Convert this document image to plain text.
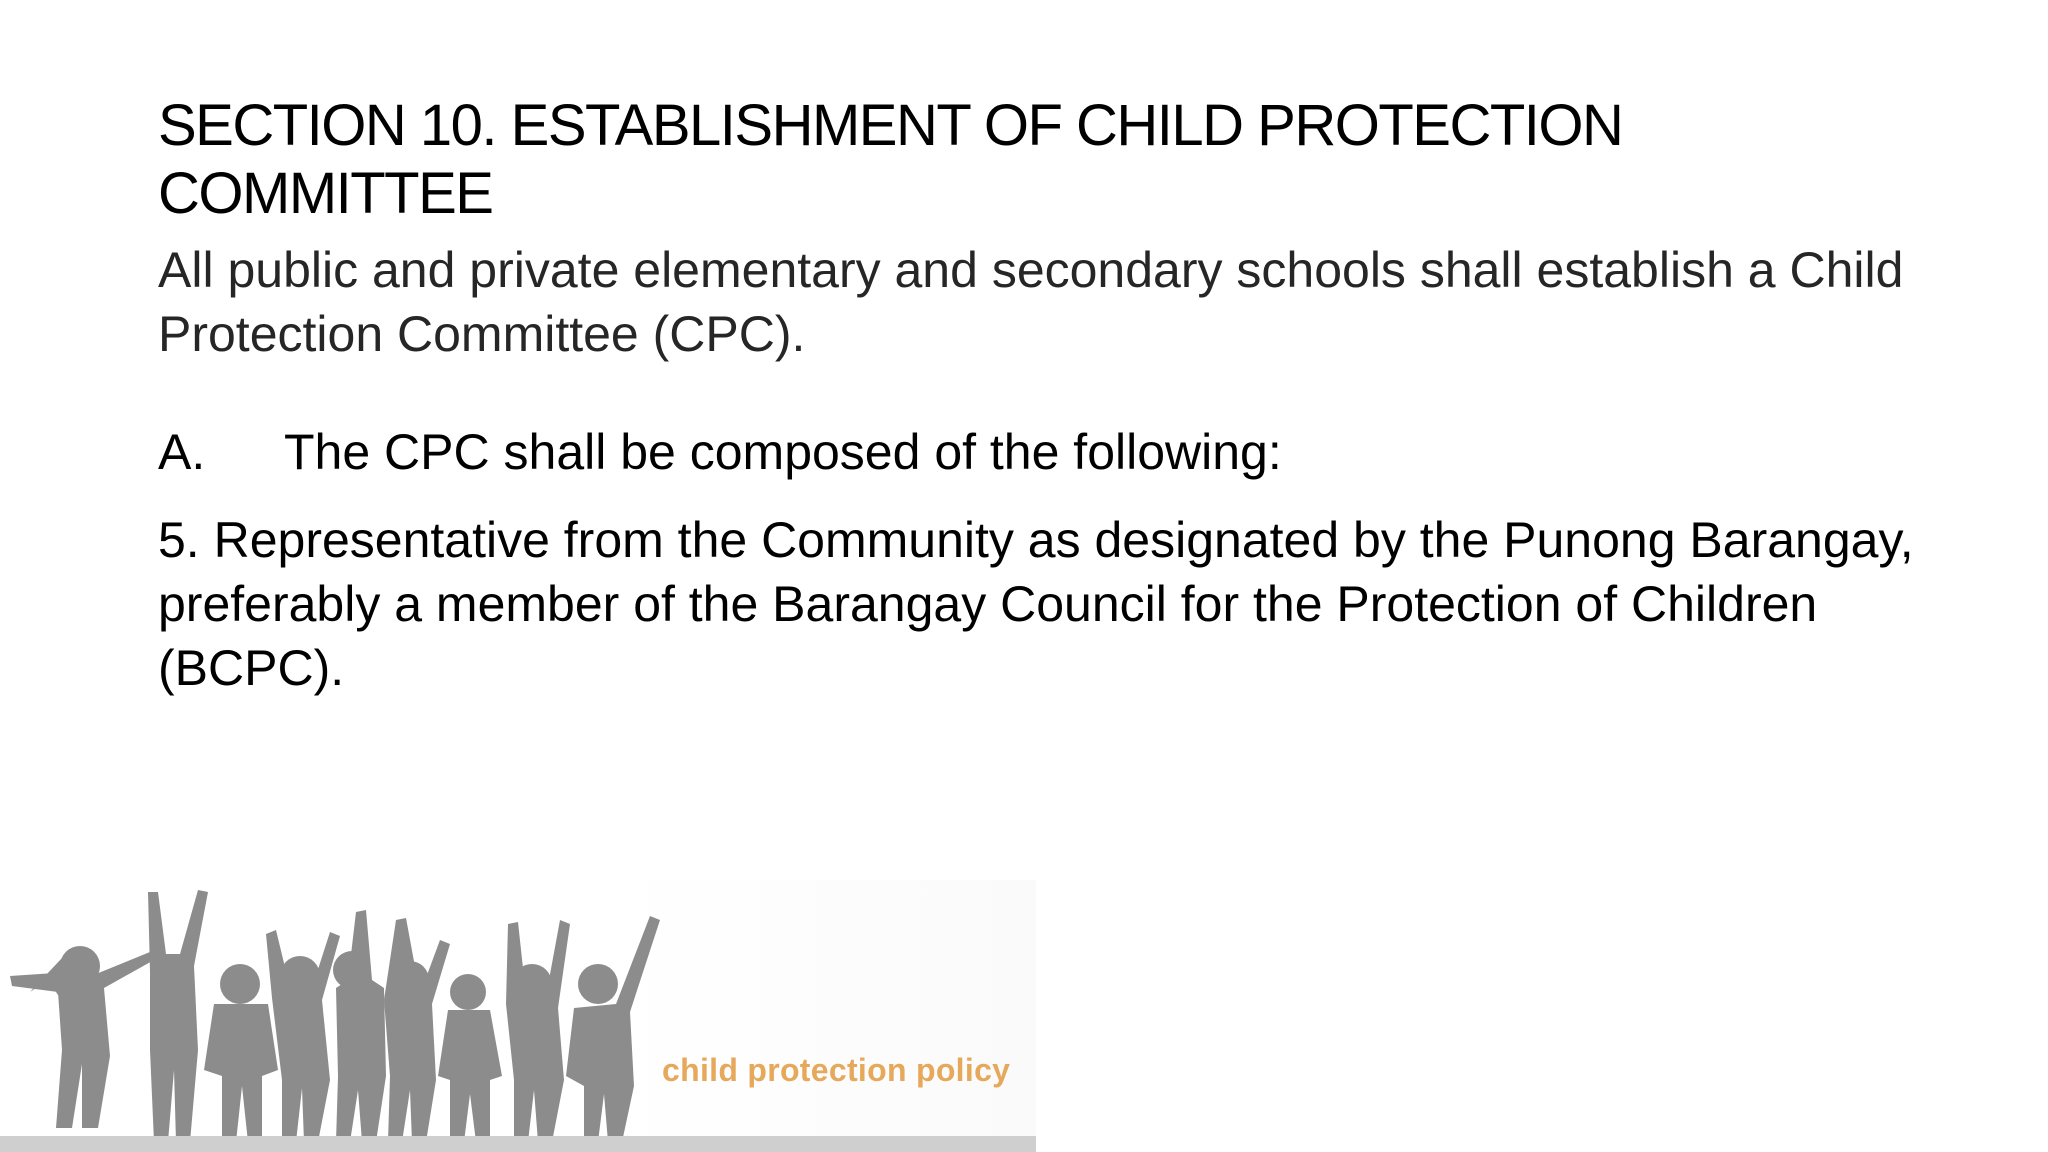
SECTION 10. ESTABLISHMENT OF CHILD PROTECTION COMMITTEE

All public and private elementary and secondary schools shall establish a Child Protection Committee (CPC).

A. The CPC shall be composed of the following:

5. Representative from the Community as designated by the Punong Barangay, preferably a member of the Barangay Council for the Protection of Children (BCPC).

child protection policy
